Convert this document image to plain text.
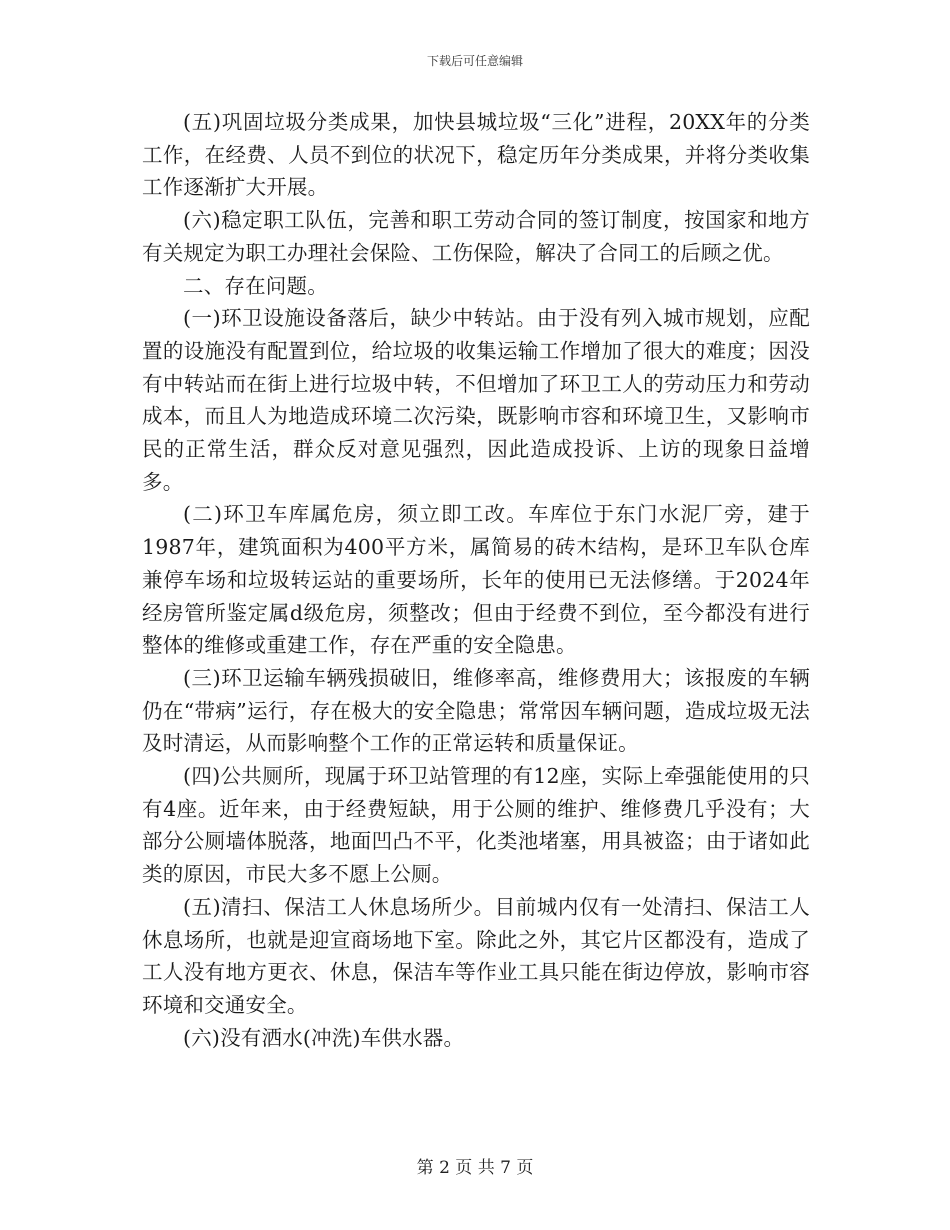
下载后可任意编辑

(五)巩固垃圾分类成果，加快县城垃圾“三化”进程，20XX年的分类工作，在经费、人员不到位的状况下，稳定历年分类成果，并将分类收集工作逐渐扩大开展。

(六)稳定职工队伍，完善和职工劳动合同的签订制度，按国家和地方有关规定为职工办理社会保险、工伤保险，解决了合同工的后顾之优。

二、存在问题。

(一)环卫设施设备落后，缺少中转站。由于没有列入城市规划，应配置的设施没有配置到位，给垃圾的收集运输工作增加了很大的难度；因没有中转站而在街上进行垃圾中转，不但增加了环卫工人的劳动压力和劳动成本，而且人为地造成环境二次污染，既影响市容和环境卫生，又影响市民的正常生活，群众反对意见强烈，因此造成投诉、上访的现象日益增多。

(二)环卫车库属危房，须立即工改。车库位于东门水泥厂旁，建于1987年，建筑面积为400平方米，属简易的砖木结构，是环卫车队仓库兼停车场和垃圾转运站的重要场所，长年的使用已无法修缮。于2024年经房管所鉴定属d级危房，须整改；但由于经费不到位，至今都没有进行整体的维修或重建工作，存在严重的安全隐患。

(三)环卫运输车辆残损破旧，维修率高，维修费用大；该报废的车辆仍在“带病”运行，存在极大的安全隐患；常常因车辆问题，造成垃圾无法及时清运，从而影响整个工作的正常运转和质量保证。

(四)公共厕所，现属于环卫站管理的有12座，实际上牵强能使用的只有4座。近年来，由于经费短缺，用于公厕的维护、维修费几乎没有；大部分公厕墙体脱落，地面凹凸不平，化类池堵塞，用具被盗；由于诸如此类的原因，市民大多不愿上公厕。

(五)清扫、保洁工人休息场所少。目前城内仅有一处清扫、保洁工人休息场所，也就是迎宣商场地下室。除此之外，其它片区都没有，造成了工人没有地方更衣、休息，保洁车等作业工具只能在街边停放，影响市容环境和交通安全。

(六)没有洒水(冲洗)车供水器。

第 2 页 共 7 页
